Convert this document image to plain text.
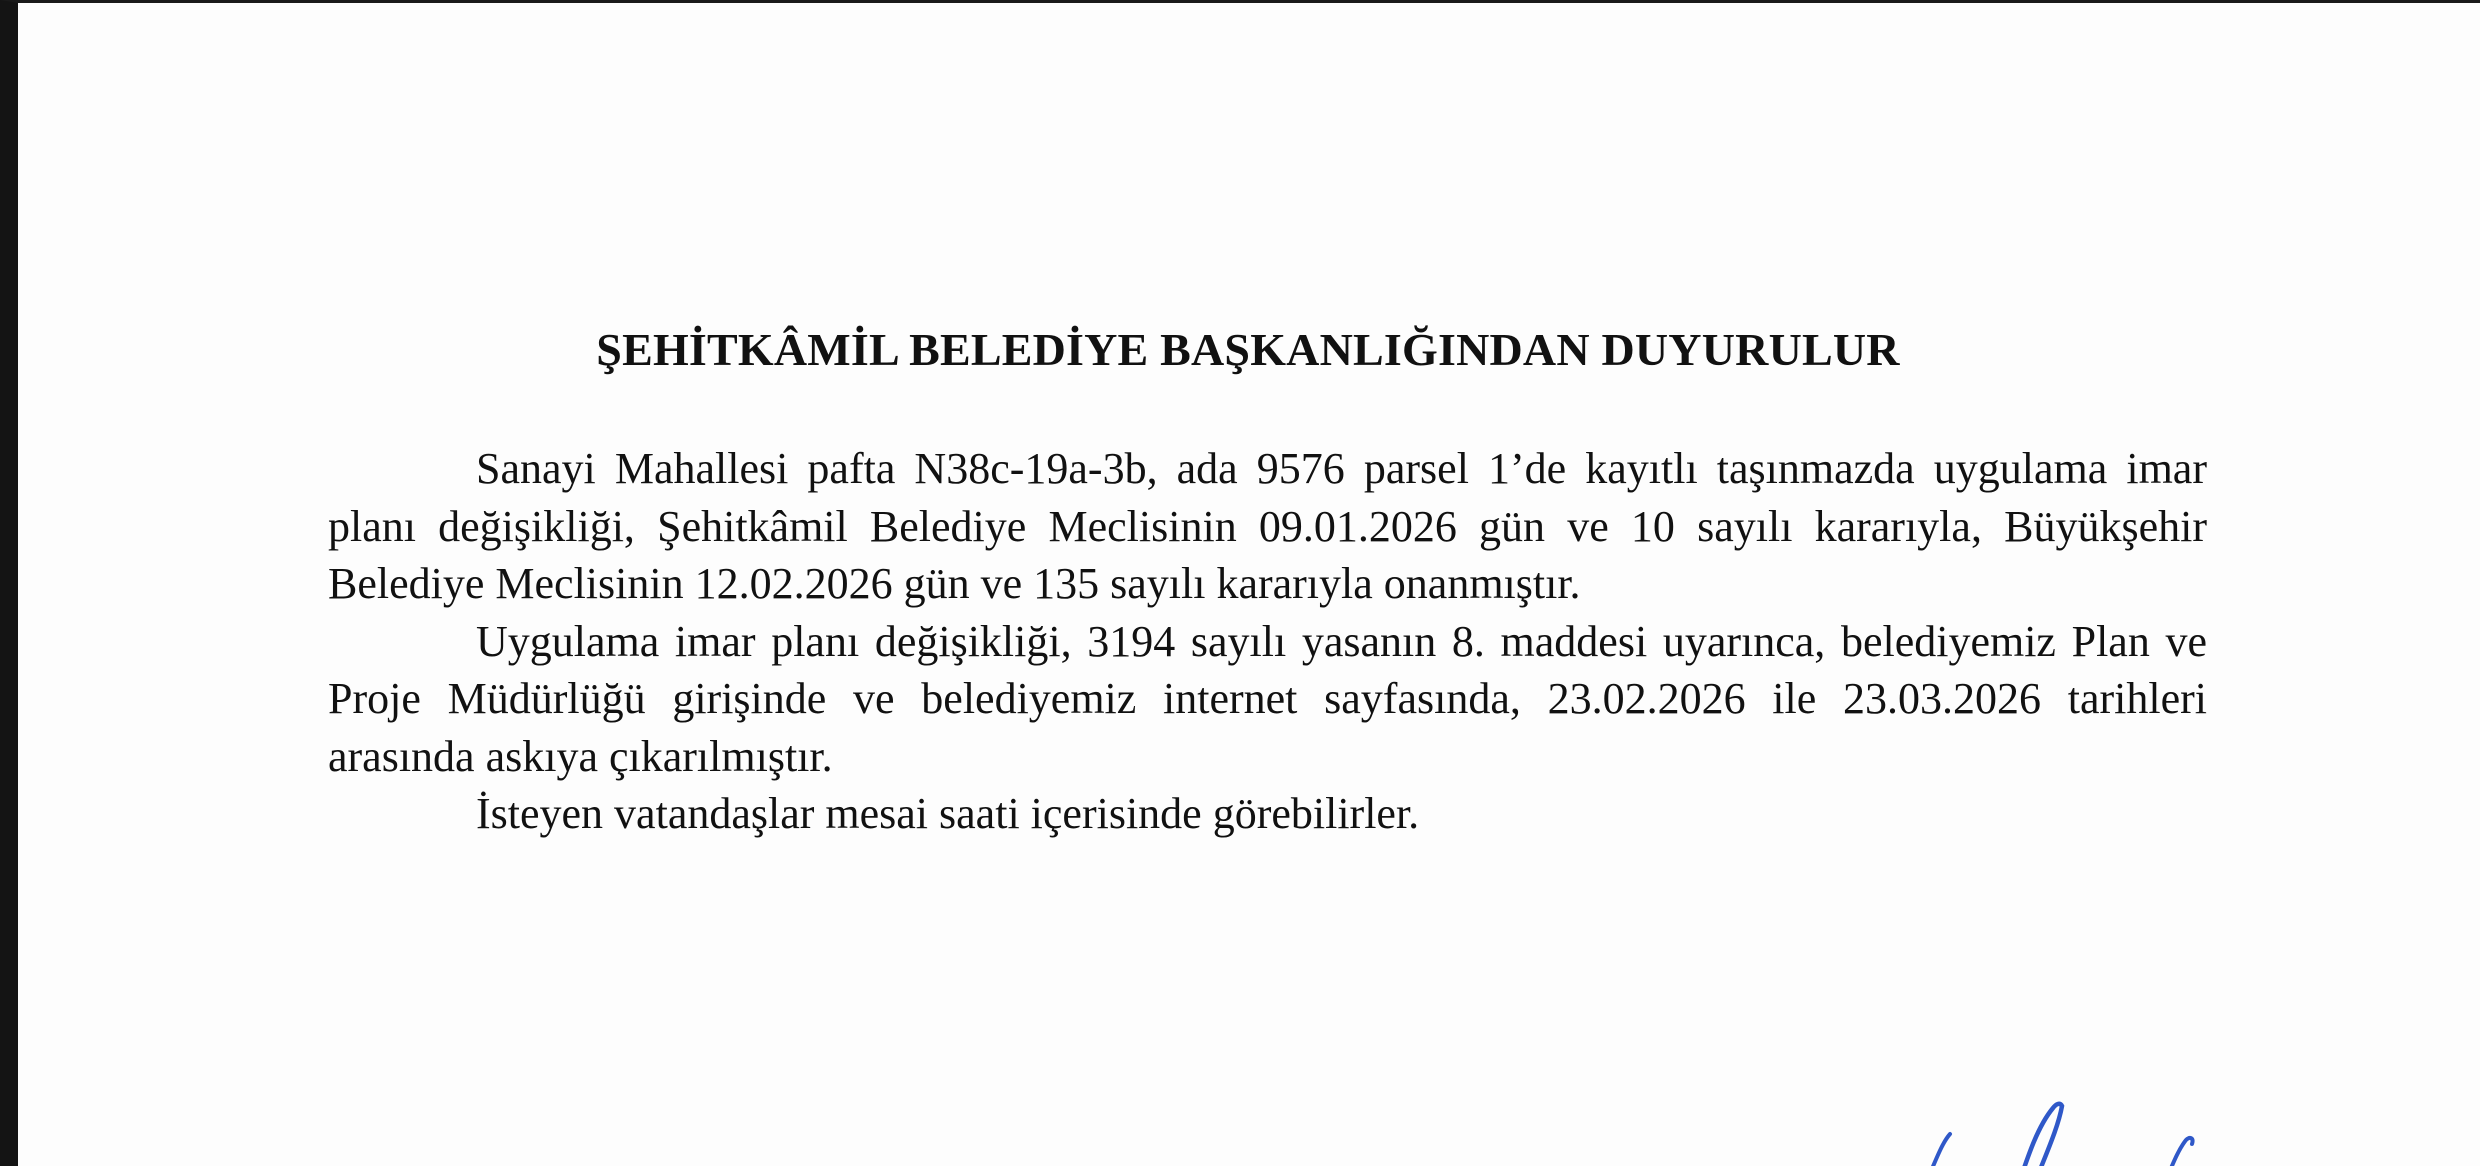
ŞEHİTKÂMİL BELEDİYE BAŞKANLIĞINDAN DUYURULUR

Sanayi Mahallesi pafta N38c-19a-3b, ada 9576 parsel 1’de kayıtlı taşınmazda uygulama imar planı değişikliği, Şehitkâmil Belediye Meclisinin 09.01.2026 gün ve 10 sayılı kararıyla, Büyükşehir Belediye Meclisinin 12.02.2026 gün ve 135 sayılı kararıyla onanmıştır.

Uygulama imar planı değişikliği, 3194 sayılı yasanın 8. maddesi uyarınca, belediyemiz Plan ve Proje Müdürlüğü girişinde ve belediyemiz internet sayfasında, 23.02.2026 ile 23.03.2026 tarihleri arasında askıya çıkarılmıştır.

İsteyen vatandaşlar mesai saati içerisinde görebilirler.
